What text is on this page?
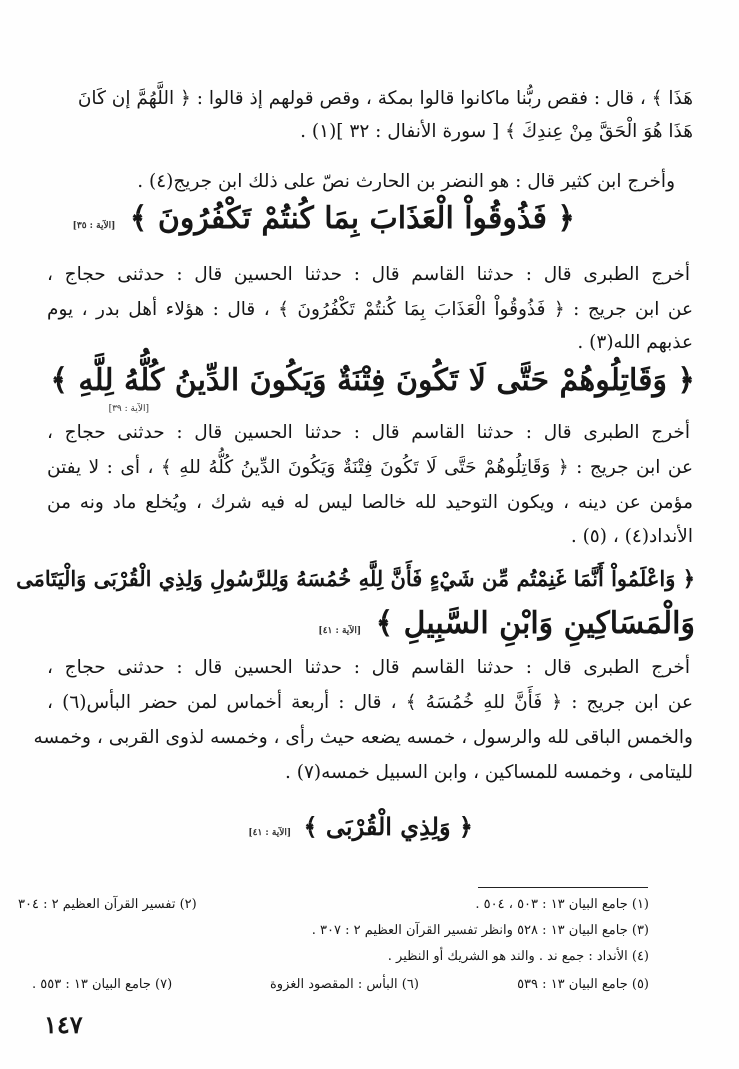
هَذَا ﴾ ، قال : فقص ربُّنا ماكانوا قالوا بمكة ، وقص قولهم إذ قالوا : ﴿ اللَّهُمَّ إن كَانَ
هَذَا هُوَ الْحَقَّ مِنْ عِندِكَ ﴾ [ سورة الأنفال : ٣٢ ](١) .
وأخرج ابن كثير قال : هو النضر بن الحارث نصّ على ذلك ابن جريج(٤) .
﴿ فَذُوقُواْ الْعَذَابَ بِمَا كُنتُمْ تَكْفُرُونَ ﴾ [الآية : ٣٥]
أخرج الطبرى قال : حدثنا القاسم قال : حدثنا الحسين قال : حدثنى حجاج ،
عن ابن جريج : ﴿ فَذُوقُواْ الْعَذَابَ بِمَا كُنتُمْ تَكْفُرُونَ ﴾ ، قال : هؤلاء أهل بدر ، يوم
عذبهم الله(٣) .
﴿ وَقَاتِلُوهُمْ حَتَّى لَا تَكُونَ فِتْنَةٌ وَيَكُونَ الدِّينُ كُلُّهُ لِلَّهِ ﴾
[الآية : ٣٩]
أخرج الطبرى قال : حدثنا القاسم قال : حدثنا الحسين قال : حدثنى حجاج ،
عن ابن جريج : ﴿ وَقَاتِلُوهُمْ حَتَّى لَا تَكُونَ فِتْنَةٌ وَيَكُونَ الدِّينُ كُلُّهُ للهِ ﴾ ، أى : لا يفتن
مؤمن عن دينه ، ويكون التوحيد لله خالصا ليس له فيه شرك ، ويُخلع ماد ونه من
الأنداد(٤) ، (٥) .
﴿ وَاعْلَمُواْ أَنَّمَا غَنِمْتُم مِّن شَيْءٍ فَأَنَّ لِلَّهِ خُمُسَهُ وَلِلرَّسُولِ وَلِذِي الْقُرْبَى وَالْيَتَامَى
وَالْمَسَاكِينِ وَابْنِ السَّبِيلِ ﴾ [الآية : ٤١]
أخرج الطبرى قال : حدثنا القاسم قال : حدثنا الحسين قال : حدثنى حجاج ،
عن ابن جريج : ﴿ فَأَنَّ للهِ خُمُسَهُ ﴾ ، قال : أربعة أخماس لمن حضر البأس(٦) ،
والخمس الباقى لله والرسول ، خمسه يضعه حيث رأى ، وخمسه لذوى القربى ، وخمسه
لليتامى ، وخمسه للمساكين ، وابن السبيل خمسه(٧) .
﴿ وَلِذِي الْقُرْبَى ﴾ [الآية : ٤١]
(١) جامع البيان ١٣ : ٥٠٣ ، ٥٠٤ .
(٢) تفسير القرآن العظيم ٢ : ٣٠٤
(٣) جامع البيان ١٣ : ٥٢٨ وانظر تفسير القرآن العظيم ٢ : ٣٠٧ .
(٤) الأنداد : جمع ند . والند هو الشريك أو النظير .
(٥) جامع البيان ١٣ : ٥٣٩
(٦) البأس : المقصود الغزوة
(٧) جامع البيان ١٣ : ٥٥٣ .
١٤٧
